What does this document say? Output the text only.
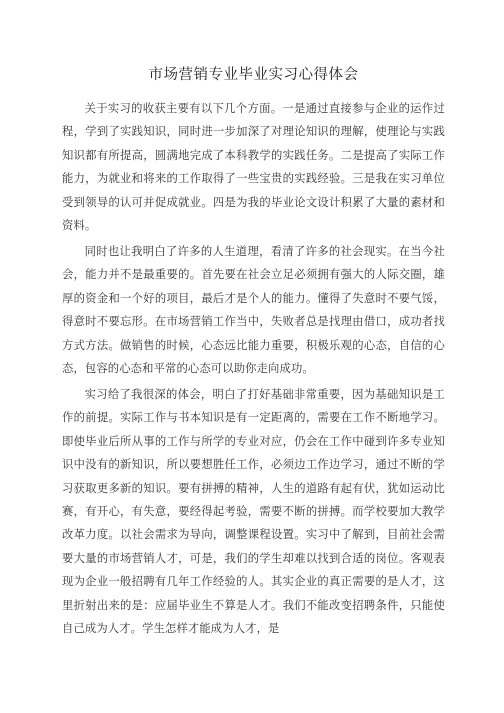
市场营销专业毕业实习心得体会

关于实习的收获主要有以下几个方面。一是通过直接参与企业的运作过程，学到了实践知识，同时进一步加深了对理论知识的理解，使理论与实践知识都有所提高，圆满地完成了本科教学的实践任务。二是提高了实际工作能力，为就业和将来的工作取得了一些宝贵的实践经验。三是我在实习单位受到领导的认可并促成就业。四是为我的毕业论文设计积累了大量的素材和资料。

同时也让我明白了许多的人生道理，看清了许多的社会现实。在当今社会，能力并不是最重要的。首先要在社会立足必须拥有强大的人际交圈，雄厚的资金和一个好的项目，最后才是个人的能力。懂得了失意时不要气馁，得意时不要忘形。在市场营销工作当中，失败者总是找理由借口，成功者找方式方法。做销售的时候，心态远比能力重要，积极乐观的心态，自信的心态，包容的心态和平常的心态可以助你走向成功。

实习给了我很深的体会，明白了打好基础非常重要，因为基础知识是工作的前提。实际工作与书本知识是有一定距离的，需要在工作不断地学习。即使毕业后所从事的工作与所学的专业对应，仍会在工作中碰到许多专业知识中没有的新知识，所以要想胜任工作，必须边工作边学习，通过不断的学习获取更多新的知识。要有拼搏的精神，人生的道路有起有伏，犹如运动比赛，有开心，有失意，要经得起考验，需要不断的拼搏。而学校要加大教学改革力度。以社会需求为导向，调整课程设置。实习中了解到，目前社会需要大量的市场营销人才，可是，我们的学生却难以找到合适的岗位。客观表现为企业一般招聘有几年工作经验的人。其实企业的真正需要的是人才，这里折射出来的是：应届毕业生不算是人才。我们不能改变招聘条件，只能使自己成为人才。学生怎样才能成为人才，是
